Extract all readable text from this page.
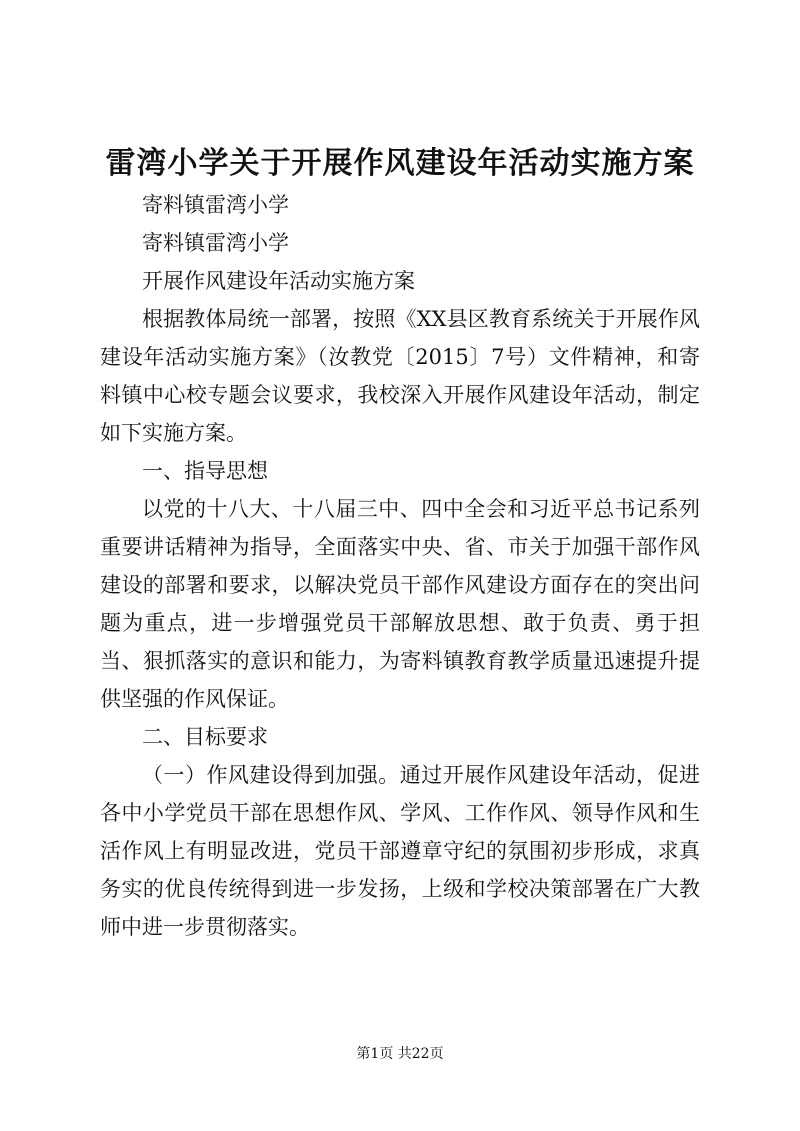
雷湾小学关于开展作风建设年活动实施方案

寄料镇雷湾小学

寄料镇雷湾小学

开展作风建设年活动实施方案

根据教体局统一部署，按照《XX县区教育系统关于开展作风建设年活动实施方案》（汝教党〔2015〕7号）文件精神，和寄料镇中心校专题会议要求，我校深入开展作风建设年活动，制定如下实施方案。

一、指导思想

以党的十八大、十八届三中、四中全会和习近平总书记系列重要讲话精神为指导，全面落实中央、省、市关于加强干部作风建设的部署和要求，以解决党员干部作风建设方面存在的突出问题为重点，进一步增强党员干部解放思想、敢于负责、勇于担当、狠抓落实的意识和能力，为寄料镇教育教学质量迅速提升提供坚强的作风保证。

二、目标要求

（一）作风建设得到加强。通过开展作风建设年活动，促进各中小学党员干部在思想作风、学风、工作作风、领导作风和生活作风上有明显改进，党员干部遵章守纪的氛围初步形成，求真务实的优良传统得到进一步发扬，上级和学校决策部署在广大教师中进一步贯彻落实。

第1页 共22页
